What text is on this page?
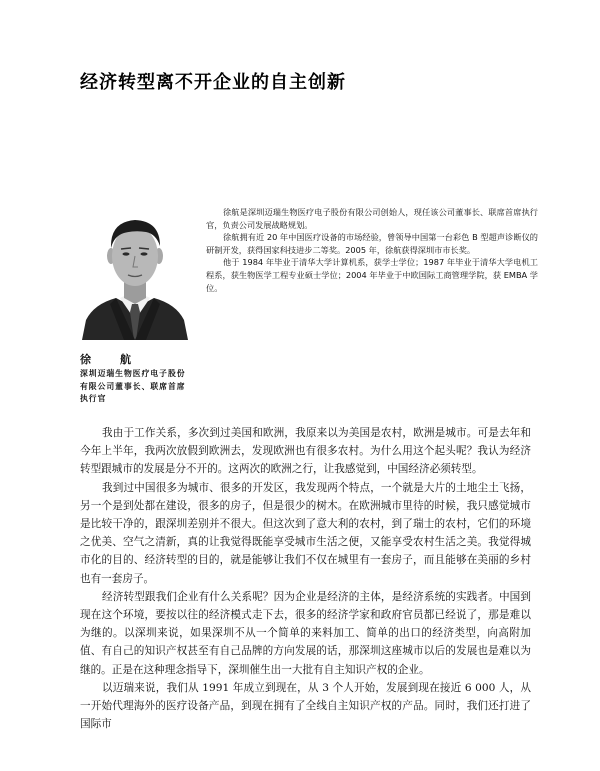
经济转型离不开企业的自主创新

徐航是深圳迈瑞生物医疗电子股份有限公司创始人，现任该公司董事长、联席首席执行官，负责公司发展战略规划。

徐航拥有近 20 年中国医疗设备的市场经验，曾领导中国第一台彩色 B 型超声诊断仪的研制开发，获得国家科技进步二等奖。2005 年，徐航获得深圳市市长奖。

他于 1984 年毕业于清华大学计算机系，获学士学位；1987 年毕业于清华大学电机工程系，获生物医学工程专业硕士学位；2004 年毕业于中欧国际工商管理学院，获 EMBA 学位。

徐　航
深圳迈瑞生物医疗电子股份
有限公司董事长、联席首席
执行官

我由于工作关系，多次到过美国和欧洲，我原来以为美国是农村，欧洲是城市。可是去年和今年上半年，我两次放假到欧洲去，发现欧洲也有很多农村。为什么用这个起头呢？我认为经济转型跟城市的发展是分不开的。这两次的欧洲之行，让我感觉到，中国经济必须转型。

我到过中国很多为城市、很多的开发区，我发现两个特点，一个就是大片的土地尘土飞扬，另一个是到处都在建设，很多的房子，但是很少的树木。在欧洲城市里待的时候，我只感觉城市是比较干净的，跟深圳差别并不很大。但这次到了意大利的农村，到了瑞士的农村，它们的环境之优美、空气之清新，真的让我觉得既能享受城市生活之便，又能享受农村生活之美。我觉得城市化的目的、经济转型的目的，就是能够让我们不仅在城里有一套房子，而且能够在美丽的乡村也有一套房子。

经济转型跟我们企业有什么关系呢？因为企业是经济的主体，是经济系统的实践者。中国到现在这个环境，要按以往的经济模式走下去，很多的经济学家和政府官员都已经说了，那是难以为继的。以深圳来说，如果深圳不从一个简单的来料加工、简单的出口的经济类型，向高附加值、有自己的知识产权甚至有自己品牌的方向发展的话，那深圳这座城市以后的发展也是难以为继的。正是在这种理念指导下，深圳催生出一大批有自主知识产权的企业。

以迈瑞来说，我们从 1991 年成立到现在，从 3 个人开始，发展到现在接近 6 000 人，从一开始代理海外的医疗设备产品，到现在拥有了全线自主知识产权的产品。同时，我们还打进了国际市
